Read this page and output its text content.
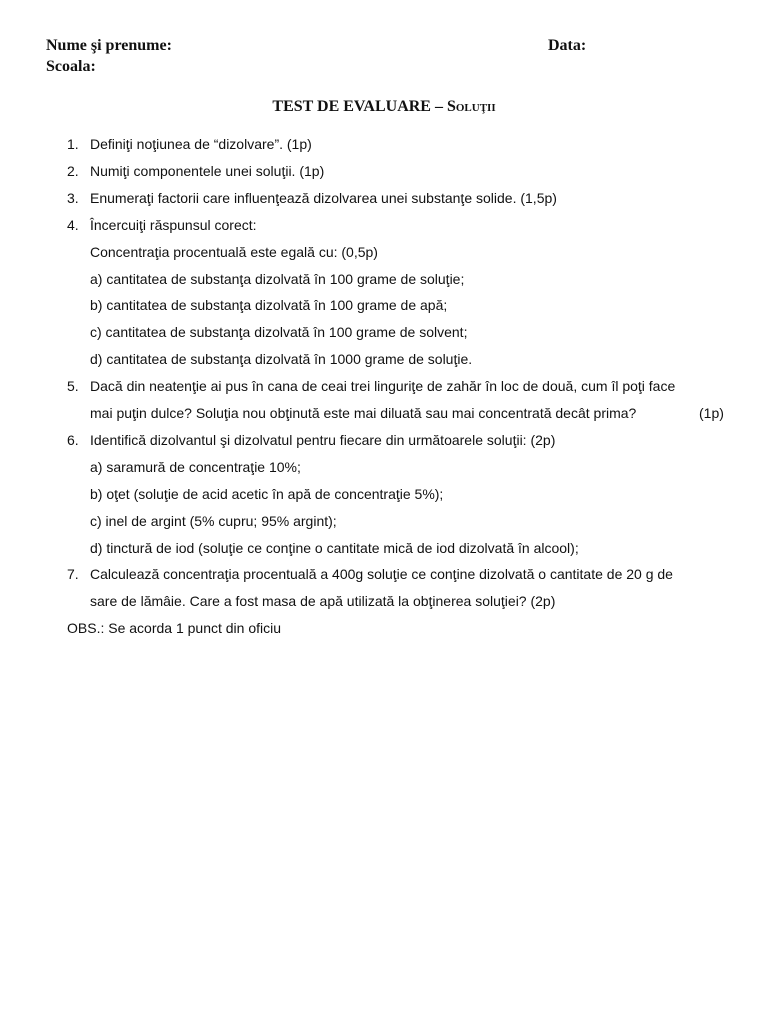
Nume şi prenume:	Data:
Scoala:
TEST DE EVALUARE – Soluţii
1. Definiţi noţiunea de “dizolvare”. (1p)
2. Numiţi componentele unei soluţii. (1p)
3. Enumeraţi factorii care influenţează dizolvarea unei substanţe solide. (1,5p)
4. Încercuiţi răspunsul corect:
Concentraţia procentuală este egală cu: (0,5p)
a) cantitatea de substanţa dizolvată în 100 grame de soluţie;
b) cantitatea de substanţa dizolvată în 100 grame de apă;
c) cantitatea de substanţa dizolvată în 100 grame de solvent;
d) cantitatea de substanţa dizolvată în 1000 grame de soluţie.
5. Dacă din neatenţie ai pus în cana de ceai trei linguriţe de zahăr în loc de două, cum îl poţi face
mai puţin dulce? Soluţia nou obţinută este mai diluată sau mai concentrată decât prima?	(1p)
6. Identifică dizolvantul şi dizolvatul pentru fiecare din următoarele soluţii: (2p)
a) saramură de concentraţie 10%;
b) oţet (soluţie de acid acetic în apă de concentraţie 5%);
c) inel de argint (5% cupru; 95% argint);
d) tinctură de iod (soluţie ce conţine o cantitate mică de iod dizolvată în alcool);
7. Calculează concentraţia procentuală a 400g soluţie ce conţine dizolvată o cantitate de 20 g de
sare de lămâie. Care a fost masa de apă utilizată la obţinerea soluţiei? (2p)
OBS.: Se acorda 1 punct din oficiu
